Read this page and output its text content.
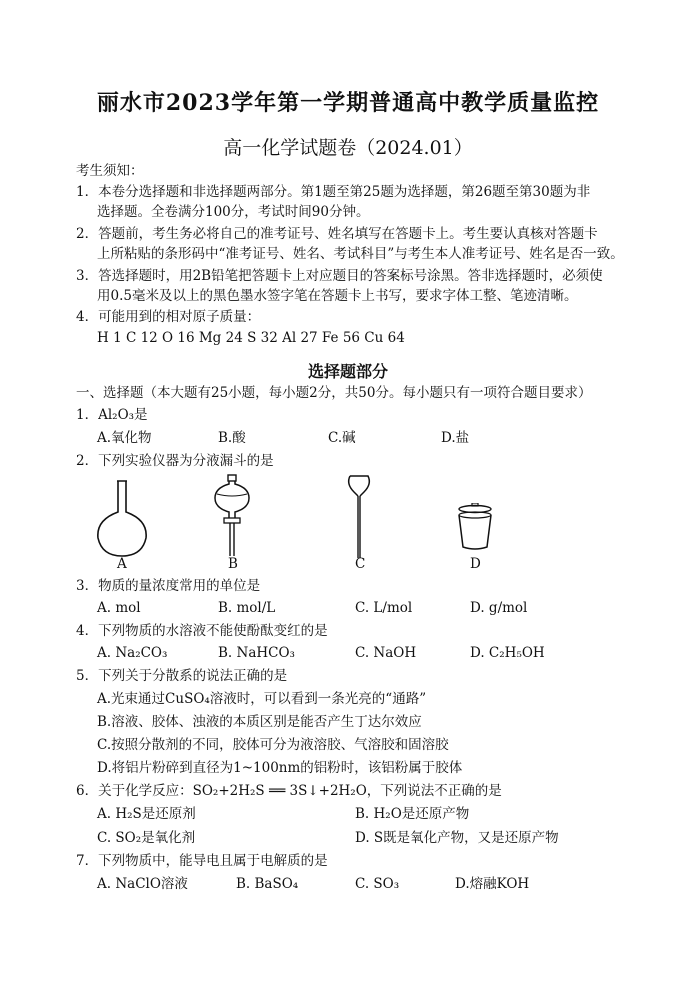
丽水市2023学年第一学期普通高中教学质量监控
高一化学试题卷（2024.01）
考生须知：
1．本卷分选择题和非选择题两部分。第1题至第25题为选择题，第26题至第30题为非
选择题。全卷满分100分，考试时间90分钟。
2．答题前，考生务必将自己的准考证号、姓名填写在答题卡上。考生要认真核对答题卡
上所粘贴的条形码中“准考证号、姓名、考试科目”与考生本人准考证号、姓名是否一致。
3．答选择题时，用2B铅笔把答题卡上对应题目的答案标号涂黑。答非选择题时，必须使
用0.5毫米及以上的黑色墨水签字笔在答题卡上书写，要求字体工整、笔迹清晰。
4．可能用到的相对原子质量：
H 1 C 12 O 16 Mg 24 S 32 Al 27 Fe 56 Cu 64
选择题部分
一、选择题（本大题有25小题，每小题2分，共50分。每小题只有一项符合题目要求）
1．Al₂O₃是
A.氧化物	B.酸	C.碱	D.盐
2．下列实验仪器为分液漏斗的是
A	B	C	D
3．物质的量浓度常用的单位是
A. mol	B. mol/L	C. L/mol	D. g/mol
4．下列物质的水溶液不能使酚酞变红的是
A. Na₂CO₃	B. NaHCO₃	C. NaOH	D. C₂H₅OH
5．下列关于分散系的说法正确的是
A.光束通过CuSO₄溶液时，可以看到一条光亮的“通路”
B.溶液、胶体、浊液的本质区别是能否产生丁达尔效应
C.按照分散剂的不同，胶体可分为液溶胶、气溶胶和固溶胶
D.将铝片粉碎到直径为1~100nm的铝粉时，该铝粉属于胶体
6．关于化学反应：SO₂+2H₂S ══ 3S↓+2H₂O，下列说法不正确的是
A. H₂S是还原剂	B. H₂O是还原产物
C. SO₂是氧化剂	D. S既是氧化产物，又是还原产物
7．下列物质中，能导电且属于电解质的是
A. NaClO溶液	B. BaSO₄	C. SO₃	D.熔融KOH
